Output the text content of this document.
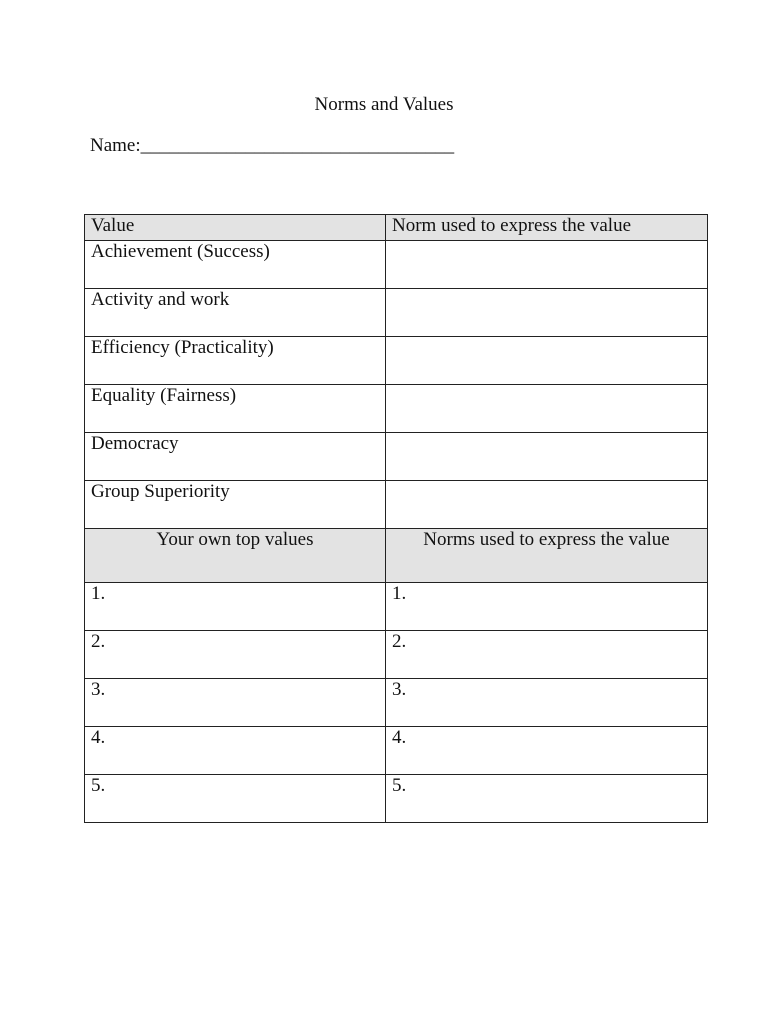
Norms and Values
Name:_________________________________
Value	Norm used to express the value
Achievement (Success)	
Activity and work	
Efficiency (Practicality)	
Equality (Fairness)	
Democracy	
Group Superiority	
Your own top values	Norms used to express the value
1.	1.
2.	2.
3.	3.
4.	4.
5.	5.
